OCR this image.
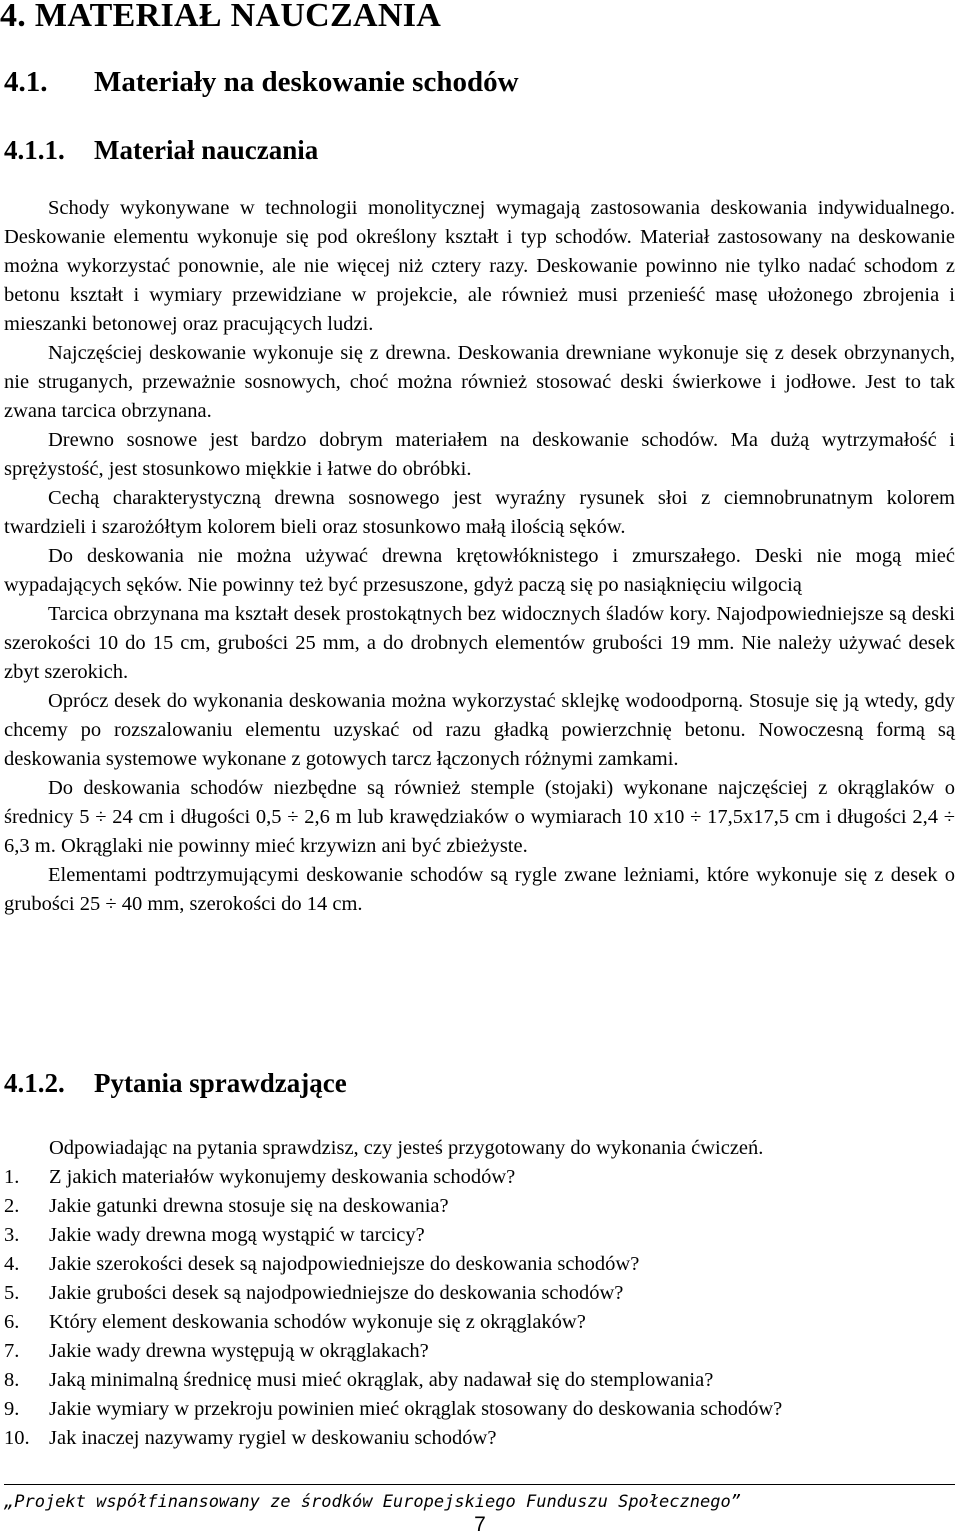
4. MATERIAŁ NAUCZANIA
4.1. Materiały na deskowanie schodów
4.1.1. Materiał nauczania

Schody wykonywane w technologii monolitycznej wymagają zastosowania deskowania indywidualnego. Deskowanie elementu wykonuje się pod określony kształt i typ schodów. Materiał zastosowany na deskowanie można wykorzystać ponownie, ale nie więcej niż cztery razy. Deskowanie powinno nie tylko nadać schodom z betonu kształt i wymiary przewidziane w projekcie, ale również musi przenieść masę ułożonego zbrojenia i mieszanki betonowej oraz pracujących ludzi.

Najczęściej deskowanie wykonuje się z drewna. Deskowania drewniane wykonuje się z desek obrzynanych, nie struganych, przeważnie sosnowych, choć można również stosować deski świerkowe i jodłowe. Jest to tak zwana tarcica obrzynana.

Drewno sosnowe jest bardzo dobrym materiałem na deskowanie schodów. Ma dużą wytrzymałość i sprężystość, jest stosunkowo miękkie i łatwe do obróbki.

Cechą charakterystyczną drewna sosnowego jest wyraźny rysunek słoi z ciemnobrunatnym kolorem twardzieli i szarożółtym kolorem bieli oraz stosunkowo małą ilością sęków.

Do deskowania nie można używać drewna krętowłóknistego i zmurszałego. Deski nie mogą mieć wypadających sęków. Nie powinny też być przesuszone, gdyż paczą się po nasiąknięciu wilgocią

Tarcica obrzynana ma kształt desek prostokątnych bez widocznych śladów kory. Najodpowiedniejsze są deski szerokości 10 do 15 cm, grubości 25 mm, a do drobnych elementów grubości 19 mm. Nie należy używać desek zbyt szerokich.

Oprócz desek do wykonania deskowania można wykorzystać sklejkę wodoodporną. Stosuje się ją wtedy, gdy chcemy po rozszalowaniu elementu uzyskać od razu gładką powierzchnię betonu. Nowoczesną formą są deskowania systemowe wykonane z gotowych tarcz łączonych różnymi zamkami.

Do deskowania schodów niezbędne są również stemple (stojaki) wykonane najczęściej z okrąglaków o średnicy 5 ÷ 24 cm i długości 0,5 ÷ 2,6 m lub krawędziaków o wymiarach 10 x10 ÷ 17,5x17,5 cm i długości 2,4 ÷ 6,3 m. Okrąglaki nie powinny mieć krzywizn ani być zbieżyste.

Elementami podtrzymującymi deskowanie schodów są rygle zwane leżniami, które wykonuje się z desek o grubości 25 ÷ 40 mm, szerokości do 14 cm.

4.1.2. Pytania sprawdzające
Odpowiadając na pytania sprawdzisz, czy jesteś przygotowany do wykonania ćwiczeń.
1. Z jakich materiałów wykonujemy deskowania schodów?
2. Jakie gatunki drewna stosuje się na deskowania?
3. Jakie wady drewna mogą wystąpić w tarcicy?
4. Jakie szerokości desek są najodpowiedniejsze do deskowania schodów?
5. Jakie grubości desek są najodpowiedniejsze do deskowania schodów?
6. Który element deskowania schodów wykonuje się z okrąglaków?
7. Jakie wady drewna występują w okrąglakach?
8. Jaką minimalną średnicę musi mieć okrąglak, aby nadawał się do stemplowania?
9. Jakie wymiary w przekroju powinien mieć okrąglak stosowany do deskowania schodów?
10. Jak inaczej nazywamy rygiel w deskowaniu schodów?
„Projekt współfinansowany ze środków Europejskiego Funduszu Społecznego”
7
